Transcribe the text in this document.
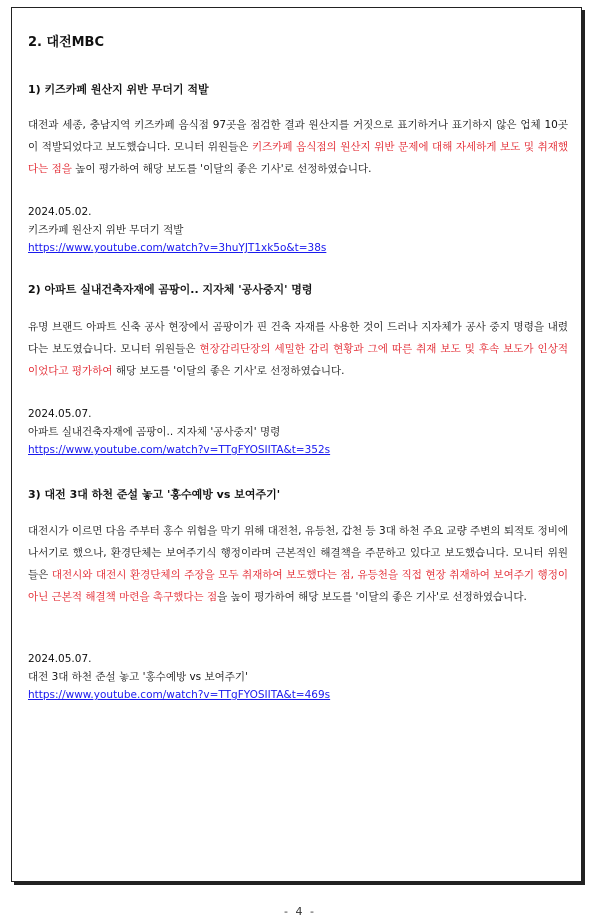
2. 대전MBC
1) 키즈카페 원산지 위반 무더기 적발
대전과 세종, 충남지역 키즈카페 음식점 97곳을 점검한 결과 원산지를 거짓으로 표기하거나 표기하지 않은 업체 10곳이 적발되었다고 보도했습니다. 모니터 위원들은 키즈카페 음식점의 원산지 위반 문제에 대해 자세하게 보도 및 취재했다는 점을 높이 평가하여 해당 보도를 '이달의 좋은 기사'로 선정하였습니다.
2024.05.02.
키즈카페 원산지 위반 무더기 적발
https://www.youtube.com/watch?v=3huYJT1xk5o&t=38s
2) 아파트 실내건축자재에 곰팡이.. 지자체 '공사중지' 명령
유명 브랜드 아파트 신축 공사 현장에서 곰팡이가 핀 건축 자재를 사용한 것이 드러나 지자체가 공사 중지 명령을 내렸다는 보도였습니다. 모니터 위원들은 현장감리단장의 세밀한 감리 현황과 그에 따른 취재 보도 및 후속 보도가 인상적이었다고 평가하여 해당 보도를 '이달의 좋은 기사'로 선정하였습니다.
2024.05.07.
아파트 실내건축자재에 곰팡이.. 지자체 '공사중지' 명령
https://www.youtube.com/watch?v=TTgFYOSIITA&t=352s
3) 대전 3대 하천 준설 놓고 '홍수예방 vs 보여주기'
대전시가 이르면 다음 주부터 홍수 위험을 막기 위해 대전천, 유등천, 갑천 등 3대 하천 주요 교량 주변의 퇴적토 정비에 나서기로 했으나, 환경단체는 보여주기식 행정이라며 근본적인 해결책을 주문하고 있다고 보도했습니다. 모니터 위원들은 대전시와 대전시 환경단체의 주장을 모두 취재하여 보도했다는 점, 유등천을 직접 현장 취재하여 보여주기 행정이 아닌 근본적 해결책 마련을 촉구했다는 점을 높이 평가하여 해당 보도를 '이달의 좋은 기사'로 선정하였습니다.
2024.05.07.
대전 3대 하천 준설 놓고 '홍수예방 vs 보여주기'
https://www.youtube.com/watch?v=TTgFYOSIITA&t=469s
- 4 -
